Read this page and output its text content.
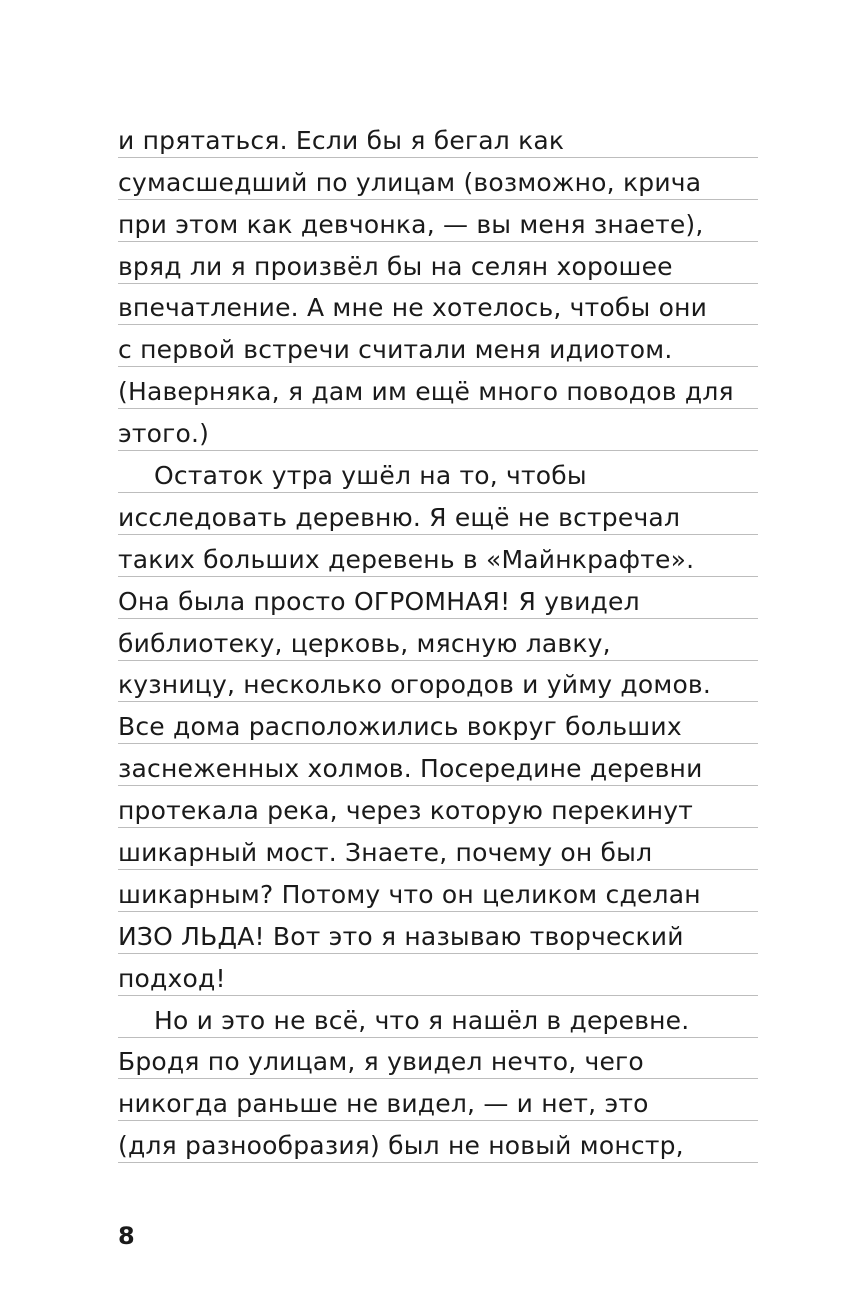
и прятаться. Если бы я бегал как
сумасшедший по улицам (возможно, крича
при этом как девчонка, — вы меня знаете),
вряд ли я произвёл бы на селян хорошее
впечатление. А мне не хотелось, чтобы они
с первой встречи считали меня идиотом.
(Наверняка, я дам им ещё много поводов для
этого.)
Остаток утра ушёл на то, чтобы
исследовать деревню. Я ещё не встречал
таких больших деревень в «Майнкрафте».
Она была просто ОГРОМНАЯ! Я увидел
библиотеку, церковь, мясную лавку,
кузницу, несколько огородов и уйму домов.
Все дома расположились вокруг больших
заснеженных холмов. Посередине деревни
протекала река, через которую перекинут
шикарный мост. Знаете, почему он был
шикарным? Потому что он целиком сделан
ИЗО ЛЬДА! Вот это я называю творческий
подход!
Но и это не всё, что я нашёл в деревне.
Бродя по улицам, я увидел нечто, чего
никогда раньше не видел, — и нет, это
(для разнообразия) был не новый монстр,
8
